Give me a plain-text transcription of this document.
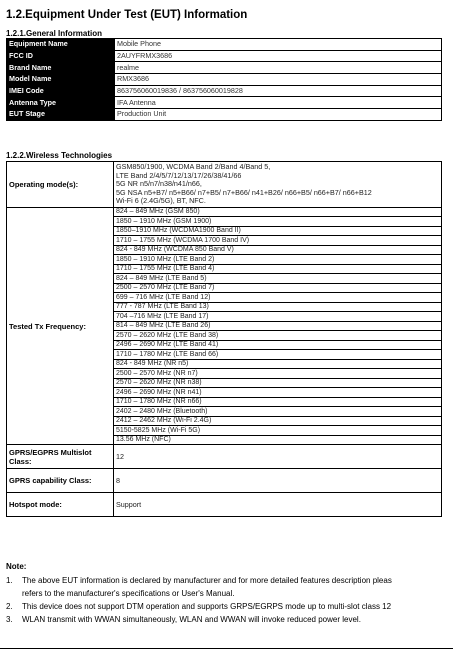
1.2.Equipment Under Test (EUT) Information
1.2.1.General Information
Equipment Name	Mobile Phone
FCC ID	2AUYFRMX3686
Brand Name	realme
Model Name	RMX3686
IMEI Code	863756060019836 / 863756060019828
Antenna Type	IFA Antenna
EUT Stage	Production Unit
1.2.2.Wireless Technologies
Operating mode(s):	GSM850/1900, WCDMA Band 2/Band 4/Band 5,
LTE Band 2/4/5/7/12/13/17/26/38/41/66
5G NR n5/n7/n38/n41/n66,
5G NSA n5+B7/ n5+B66/ n7+B5/ n7+B66/ n41+B26/ n66+B5/ n66+B7/ n66+B12
Wi-Fi 6 (2.4G/5G), BT, NFC.

Tested Tx Frequency:	824 – 849 MHz (GSM 850)
	1850 – 1910 MHz (GSM 1900)
	1850–1910 MHz (WCDMA1900 Band II)
	1710 – 1755 MHz (WCDMA 1700 Band IV)
	824 - 849 MHz (WCDMA 850 Band V)
	1850 – 1910 MHz (LTE Band 2)
	1710 – 1755 MHz (LTE Band 4)
	824 – 849 MHz (LTE Band 5)
	2500 – 2570 MHz (LTE Band 7)
	699 – 716 MHz (LTE Band 12)
	777 - 787 MHz (LTE Band 13)
	704 –716 MHz (LTE Band 17)
	814 – 849 MHz (LTE Band 26)
	2570 – 2620 MHz (LTE Band 38)
	2496 – 2690 MHz (LTE Band 41)
	1710 – 1780 MHz (LTE Band 66)
	824 - 849 MHz (NR n5)
	2500 – 2570 MHz (NR n7)
	2570 – 2620 MHz (NR n38)
	2496 – 2690 MHz (NR n41)
	1710 – 1780 MHz (NR n66)
	2402 – 2480 MHz (Bluetooth)
	2412 – 2462 MHz (Wi-Fi 2.4G)
	5150-5825 MHz (Wi-Fi 5G)
	13.56 MHz (NFC)
GPRS/EGPRS Multislot Class:	12
GPRS capability Class:	8
Hotspot mode:	Support
Note:
1. The above EUT information is declared by manufacturer and for more detailed features description pleas
refers to the manufacturer's specifications or User's Manual.
2. This device does not support DTM operation and supports GRPS/EGRPS mode up to multi-slot class 12
3. WLAN transmit with WWAN simultaneously, WLAN and WWAN will invoke reduced power level.
